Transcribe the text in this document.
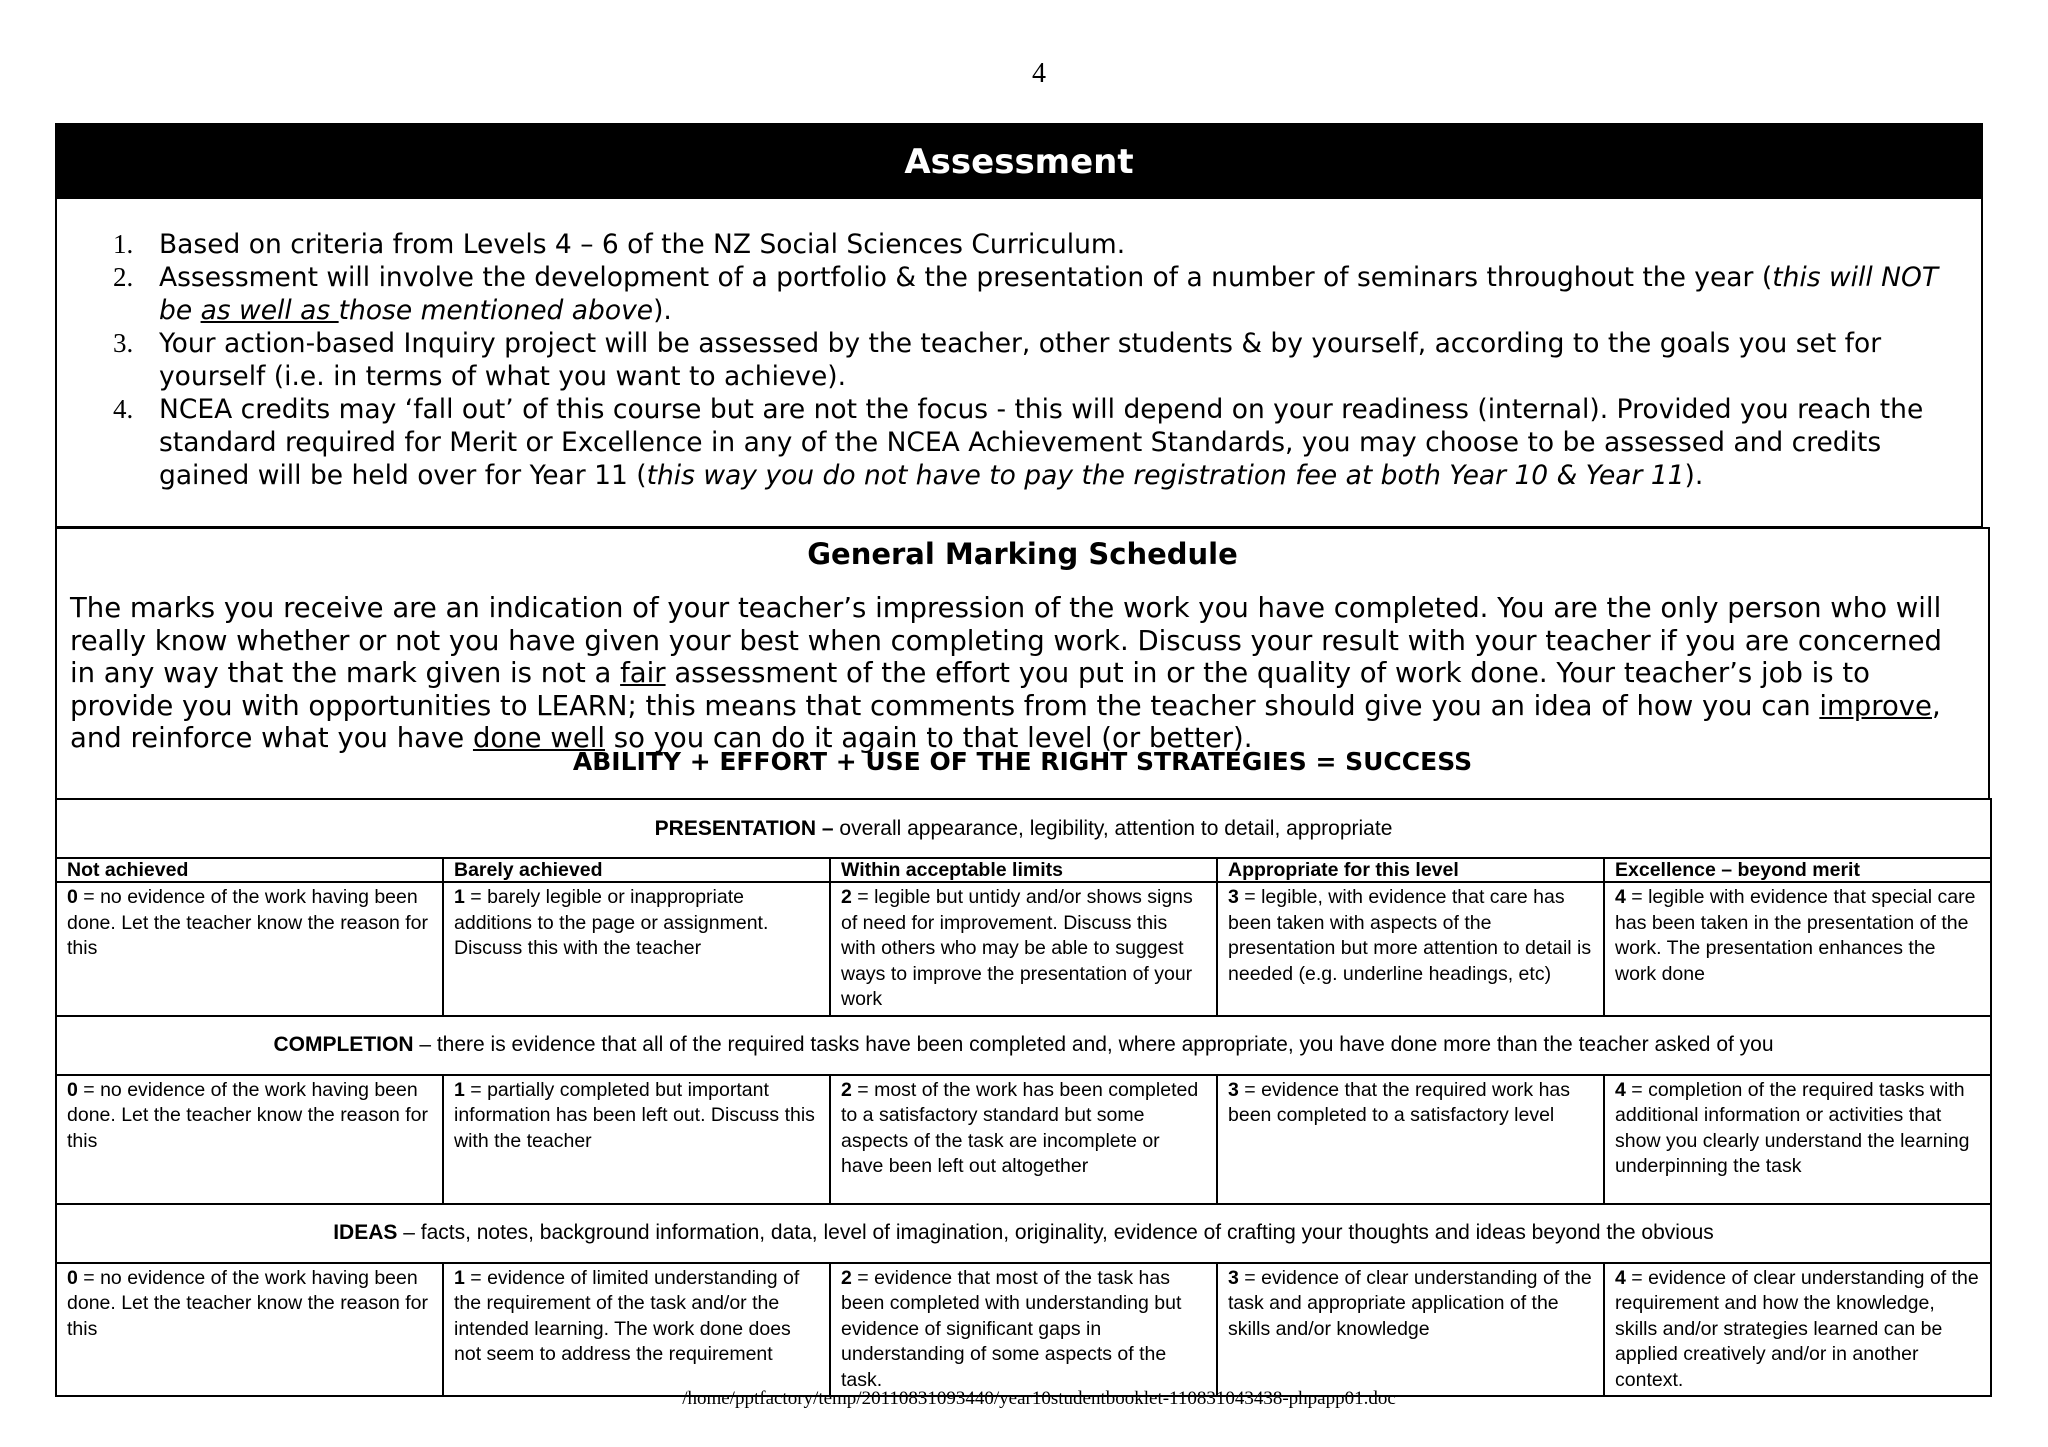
4
Assessment
1. Based on criteria from Levels 4 – 6 of the NZ Social Sciences Curriculum.
2. Assessment will involve the development of a portfolio & the presentation of a number of seminars throughout the year (this will NOT be as well as those mentioned above).
3. Your action-based Inquiry project will be assessed by the teacher, other students & by yourself, according to the goals you set for yourself (i.e. in terms of what you want to achieve).
4. NCEA credits may ‘fall out’ of this course but are not the focus - this will depend on your readiness (internal). Provided you reach the standard required for Merit or Excellence in any of the NCEA Achievement Standards, you may choose to be assessed and credits gained will be held over for Year 11 (this way you do not have to pay the registration fee at both Year 10 & Year 11).
General Marking Schedule
The marks you receive are an indication of your teacher’s impression of the work you have completed. You are the only person who will really know whether or not you have given your best when completing work. Discuss your result with your teacher if you are concerned in any way that the mark given is not a fair assessment of the effort you put in or the quality of work done. Your teacher’s job is to provide you with opportunities to LEARN; this means that comments from the teacher should give you an idea of how you can improve, and reinforce what you have done well so you can do it again to that level (or better).
ABILITY + EFFORT + USE OF THE RIGHT STRATEGIES = SUCCESS
PRESENTATION – overall appearance, legibility, attention to detail, appropriate				
Not achieved	Barely achieved	Within acceptable limits	Appropriate for this level	Excellence – beyond merit
0 = no evidence of the work having been done. Let the teacher know the reason for this	1 = barely legible or inappropriate additions to the page or assignment. Discuss this with the teacher	2 = legible but untidy and/or shows signs of need for improvement. Discuss this with others who may be able to suggest ways to improve the presentation of your work	3 = legible, with evidence that care has been taken with aspects of the presentation but more attention to detail is needed (e.g. underline headings, etc)	4 = legible with evidence that special care has been taken in the presentation of the work. The presentation enhances the work done
COMPLETION – there is evidence that all of the required tasks have been completed and, where appropriate, you have done more than the teacher asked of you				
0 = no evidence of the work having been done. Let the teacher know the reason for this	1 = partially completed but important information has been left out. Discuss this with the teacher	2 = most of the work has been completed to a satisfactory standard but some aspects of the task are incomplete or have been left out altogether	3 = evidence that the required work has been completed to a satisfactory level	4 = completion of the required tasks with additional information or activities that show you clearly understand the learning underpinning the task
IDEAS – facts, notes, background information, data, level of imagination, originality, evidence of crafting your thoughts and ideas beyond the obvious				
0 = no evidence of the work having been done. Let the teacher know the reason for this	1 = evidence of limited understanding of the requirement of the task and/or the intended learning. The work done does not seem to address the requirement	2 = evidence that most of the task has been completed with understanding but evidence of significant gaps in understanding of some aspects of the task.	3 = evidence of clear understanding of the task and appropriate application of the skills and/or knowledge	4 = evidence of clear understanding of the requirement and how the knowledge, skills and/or strategies learned can be applied creatively and/or in another context.
/home/pptfactory/temp/20110831093440/year10studentbooklet-110831043438-phpapp01.doc
